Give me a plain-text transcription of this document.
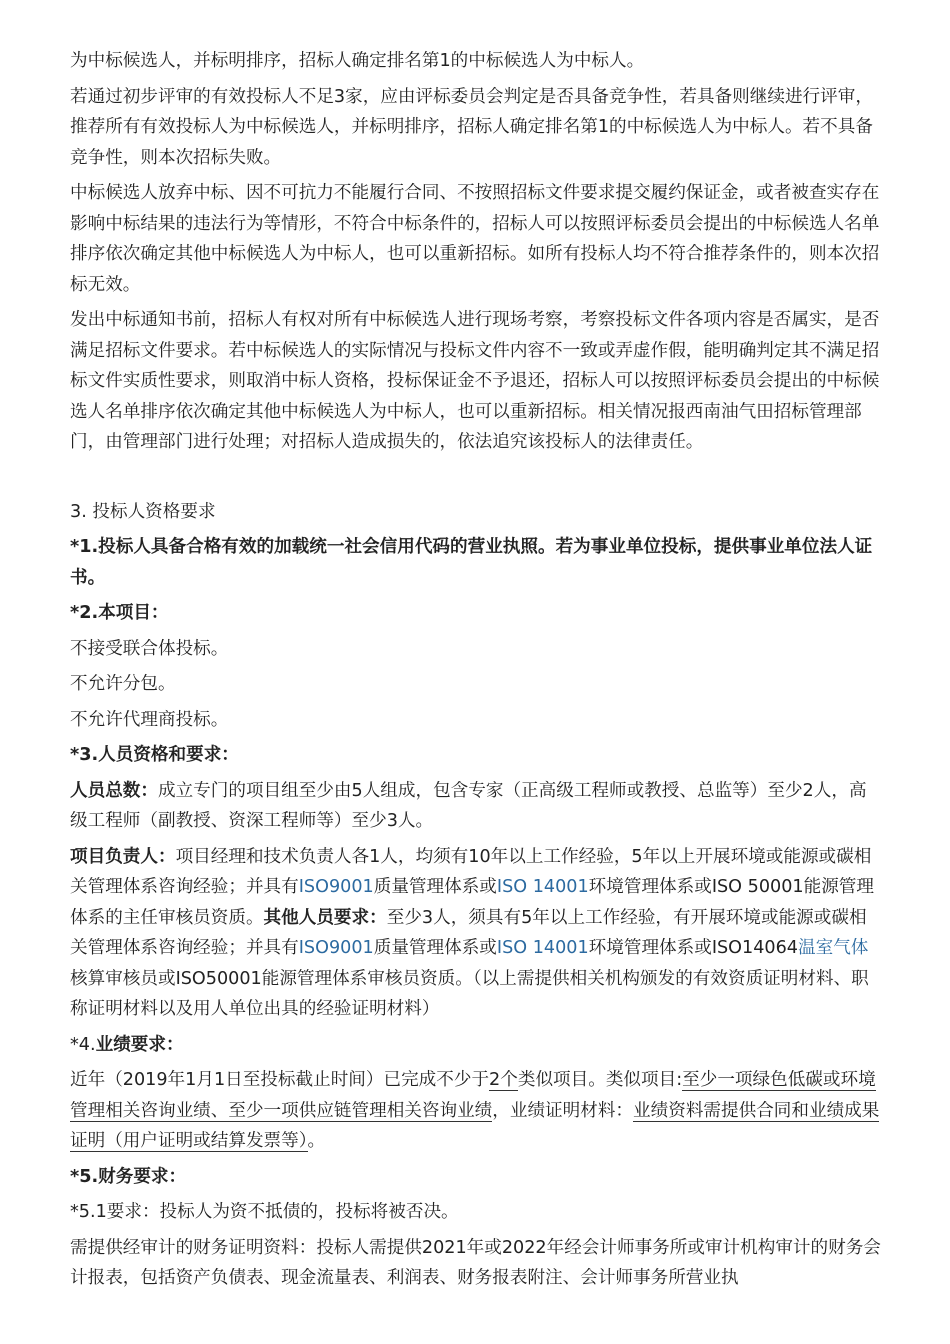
为中标候选人，并标明排序，招标人确定排名第1的中标候选人为中标人。

若通过初步评审的有效投标人不足3家，应由评标委员会判定是否具备竞争性，若具备则继续进行评审，推荐所有有效投标人为中标候选人，并标明排序，招标人确定排名第1的中标候选人为中标人。若不具备竞争性，则本次招标失败。

中标候选人放弃中标、因不可抗力不能履行合同、不按照招标文件要求提交履约保证金，或者被查实存在影响中标结果的违法行为等情形，不符合中标条件的，招标人可以按照评标委员会提出的中标候选人名单排序依次确定其他中标候选人为中标人，也可以重新招标。如所有投标人均不符合推荐条件的，则本次招标无效。

发出中标通知书前，招标人有权对所有中标候选人进行现场考察，考察投标文件各项内容是否属实，是否满足招标文件要求。若中标候选人的实际情况与投标文件内容不一致或弄虚作假，能明确判定其不满足招标文件实质性要求，则取消中标人资格，投标保证金不予退还，招标人可以按照评标委员会提出的中标候选人名单排序依次确定其他中标候选人为中标人，也可以重新招标。相关情况报西南油气田招标管理部门，由管理部门进行处理；对招标人造成损失的，依法追究该投标人的法律责任。

3. 投标人资格要求

*1.投标人具备合格有效的加载统一社会信用代码的营业执照。若为事业单位投标，提供事业单位法人证书。

*2.本项目：

不接受联合体投标。

不允许分包。

不允许代理商投标。

*3.人员资格和要求：

人员总数：成立专门的项目组至少由5人组成，包含专家（正高级工程师或教授、总监等）至少2人，高级工程师（副教授、资深工程师等）至少3人。

项目负责人：项目经理和技术负责人各1人，均须有10年以上工作经验，5年以上开展环境或能源或碳相关管理体系咨询经验；并具有ISO9001质量管理体系或ISO 14001环境管理体系或ISO 50001能源管理体系的主任审核员资质。其他人员要求：至少3人，须具有5年以上工作经验，有开展环境或能源或碳相关管理体系咨询经验；并具有ISO9001质量管理体系或ISO 14001环境管理体系或ISO14064温室气体核算审核员或ISO50001能源管理体系审核员资质。（以上需提供相关机构颁发的有效资质证明材料、职称证明材料以及用人单位出具的经验证明材料）

*4.业绩要求：

近年（2019年1月1日至投标截止时间）已完成不少于2个类似项目。类似项目:至少一项绿色低碳或环境管理相关咨询业绩、至少一项供应链管理相关咨询业绩，业绩证明材料：业绩资料需提供合同和业绩成果证明（用户证明或结算发票等）。

*5.财务要求：

*5.1要求：投标人为资不抵债的，投标将被否决。

需提供经审计的财务证明资料：投标人需提供2021年或2022年经会计师事务所或审计机构审计的财务会计报表，包括资产负债表、现金流量表、利润表、财务报表附注、会计师事务所营业执
